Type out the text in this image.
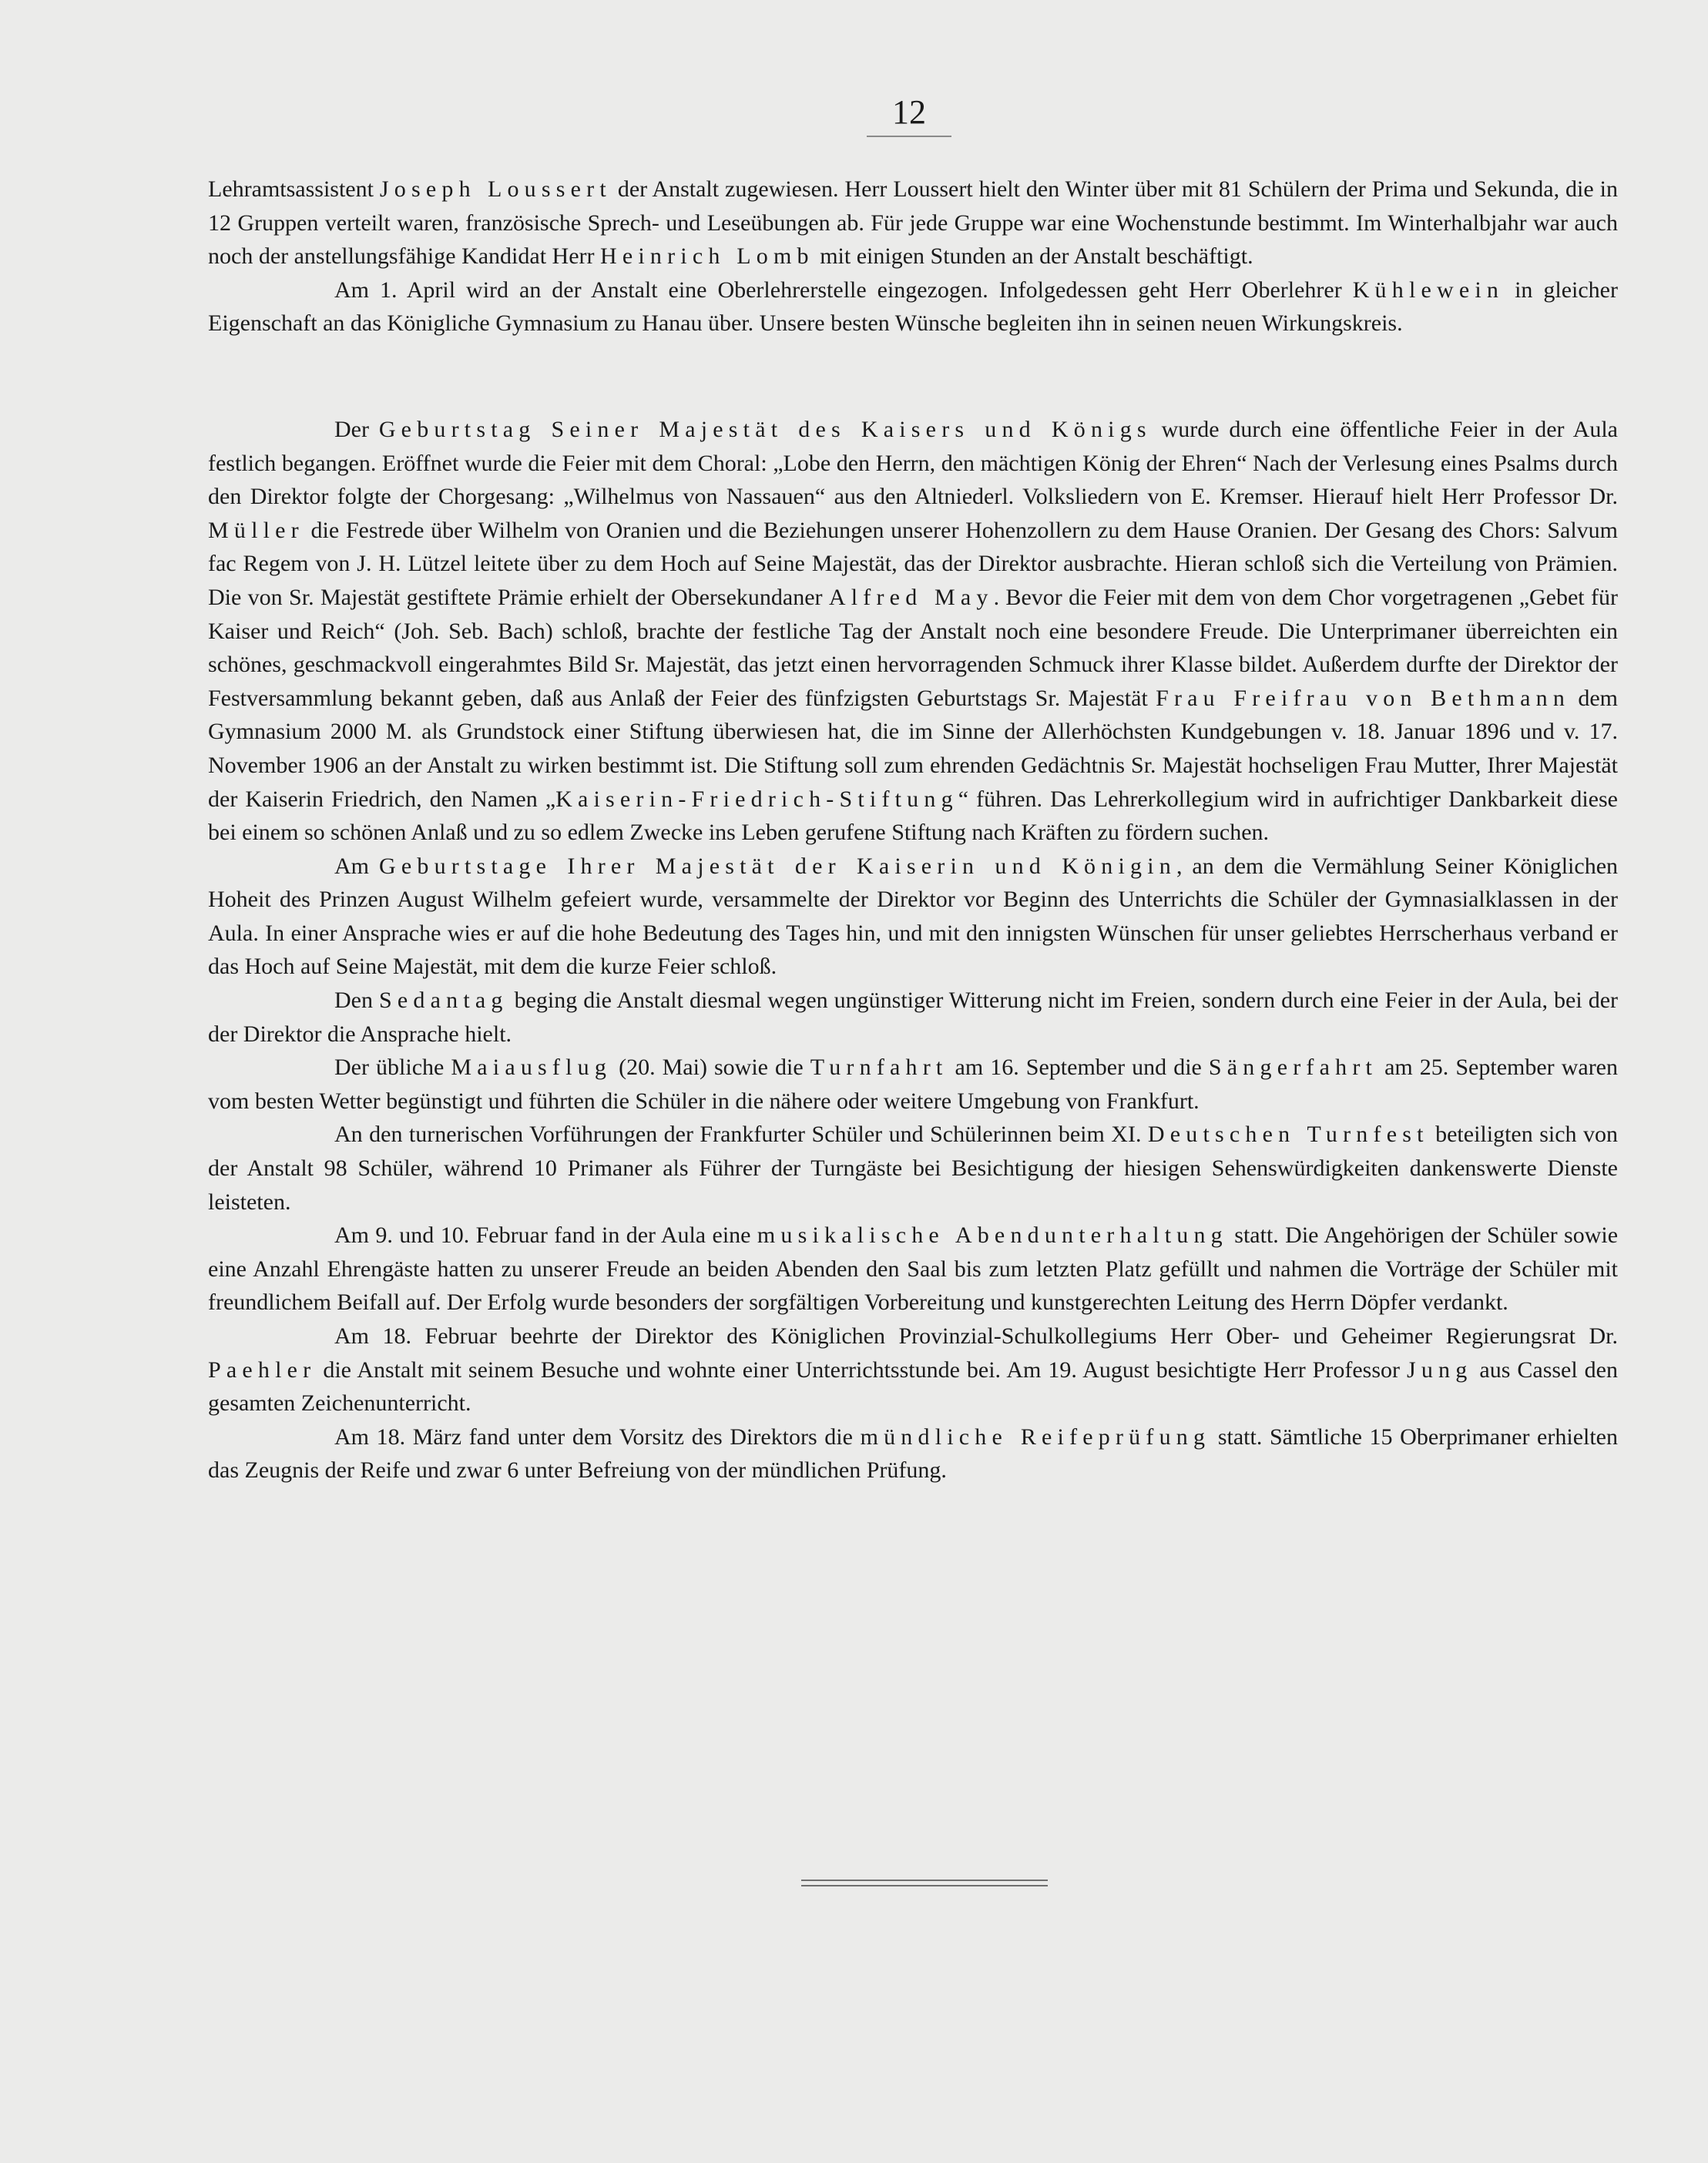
12

Lehramtsassistent Joseph Loussert der Anstalt zugewiesen. Herr Loussert hielt den Winter über mit 81 Schülern der Prima und Sekunda, die in 12 Gruppen verteilt waren, französische Sprech- und Leseübungen ab. Für jede Gruppe war eine Wochenstunde bestimmt. Im Winterhalbjahr war auch noch der anstellungsfähige Kandidat Herr Heinrich Lomb mit einigen Stunden an der Anstalt beschäftigt.

Am 1. April wird an der Anstalt eine Oberlehrerstelle eingezogen. Infolgedessen geht Herr Oberlehrer Kühlewein in gleicher Eigenschaft an das Königliche Gymnasium zu Hanau über. Unsere besten Wünsche begleiten ihn in seinen neuen Wirkungskreis.

Der Geburtstag Seiner Majestät des Kaisers und Königs wurde durch eine öffentliche Feier in der Aula festlich begangen. Eröffnet wurde die Feier mit dem Choral: „Lobe den Herrn, den mächtigen König der Ehren“ Nach der Verlesung eines Psalms durch den Direktor folgte der Chorgesang: „Wilhelmus von Nassauen“ aus den Altniederl. Volksliedern von E. Kremser. Hierauf hielt Herr Professor Dr. Müller die Festrede über Wilhelm von Oranien und die Beziehungen unserer Hohenzollern zu dem Hause Oranien. Der Gesang des Chors: Salvum fac Regem von J. H. Lützel leitete über zu dem Hoch auf Seine Majestät, das der Direktor ausbrachte. Hieran schloß sich die Verteilung von Prämien. Die von Sr. Majestät gestiftete Prämie erhielt der Obersekundaner Alfred May. Bevor die Feier mit dem von dem Chor vorgetragenen „Gebet für Kaiser und Reich“ (Joh. Seb. Bach) schloß, brachte der festliche Tag der Anstalt noch eine besondere Freude. Die Unterprimaner überreichten ein schönes, geschmackvoll eingerahmtes Bild Sr. Majestät, das jetzt einen hervorragenden Schmuck ihrer Klasse bildet. Außerdem durfte der Direktor der Festversammlung bekannt geben, daß aus Anlaß der Feier des fünfzigsten Geburtstags Sr. Majestät Frau Freifrau von Bethmann dem Gymnasium 2000 M. als Grundstock einer Stiftung überwiesen hat, die im Sinne der Allerhöchsten Kundgebungen v. 18. Januar 1896 und v. 17. November 1906 an der Anstalt zu wirken bestimmt ist. Die Stiftung soll zum ehrenden Gedächtnis Sr. Majestät hochseligen Frau Mutter, Ihrer Majestät der Kaiserin Friedrich, den Namen „Kaiserin-Friedrich-Stiftung“ führen. Das Lehrerkollegium wird in aufrichtiger Dankbarkeit diese bei einem so schönen Anlaß und zu so edlem Zwecke ins Leben gerufene Stiftung nach Kräften zu fördern suchen.

Am Geburtstage Ihrer Majestät der Kaiserin und Königin, an dem die Vermählung Seiner Königlichen Hoheit des Prinzen August Wilhelm gefeiert wurde, versammelte der Direktor vor Beginn des Unterrichts die Schüler der Gymnasialklassen in der Aula. In einer Ansprache wies er auf die hohe Bedeutung des Tages hin, und mit den innigsten Wünschen für unser geliebtes Herrscherhaus verband er das Hoch auf Seine Majestät, mit dem die kurze Feier schloß.

Den Sedantag beging die Anstalt diesmal wegen ungünstiger Witterung nicht im Freien, sondern durch eine Feier in der Aula, bei der der Direktor die Ansprache hielt.

Der übliche Maiausflug (20. Mai) sowie die Turnfahrt am 16. September und die Sängerfahrt am 25. September waren vom besten Wetter begünstigt und führten die Schüler in die nähere oder weitere Umgebung von Frankfurt.

An den turnerischen Vorführungen der Frankfurter Schüler und Schülerinnen beim XI. Deutschen Turnfest beteiligten sich von der Anstalt 98 Schüler, während 10 Primaner als Führer der Turngäste bei Besichtigung der hiesigen Sehenswürdigkeiten dankenswerte Dienste leisteten.

Am 9. und 10. Februar fand in der Aula eine musikalische Abendunterhaltung statt. Die Angehörigen der Schüler sowie eine Anzahl Ehrengäste hatten zu unserer Freude an beiden Abenden den Saal bis zum letzten Platz gefüllt und nahmen die Vorträge der Schüler mit freundlichem Beifall auf. Der Erfolg wurde besonders der sorgfältigen Vorbereitung und kunstgerechten Leitung des Herrn Döpfer verdankt.

Am 18. Februar beehrte der Direktor des Königlichen Provinzial-Schulkollegiums Herr Ober- und Geheimer Regierungsrat Dr. Paehler die Anstalt mit seinem Besuche und wohnte einer Unterrichtsstunde bei. Am 19. August besichtigte Herr Professor Jung aus Cassel den gesamten Zeichenunterricht.

Am 18. März fand unter dem Vorsitz des Direktors die mündliche Reifeprüfung statt. Sämtliche 15 Oberprimaner erhielten das Zeugnis der Reife und zwar 6 unter Befreiung von der mündlichen Prüfung.
